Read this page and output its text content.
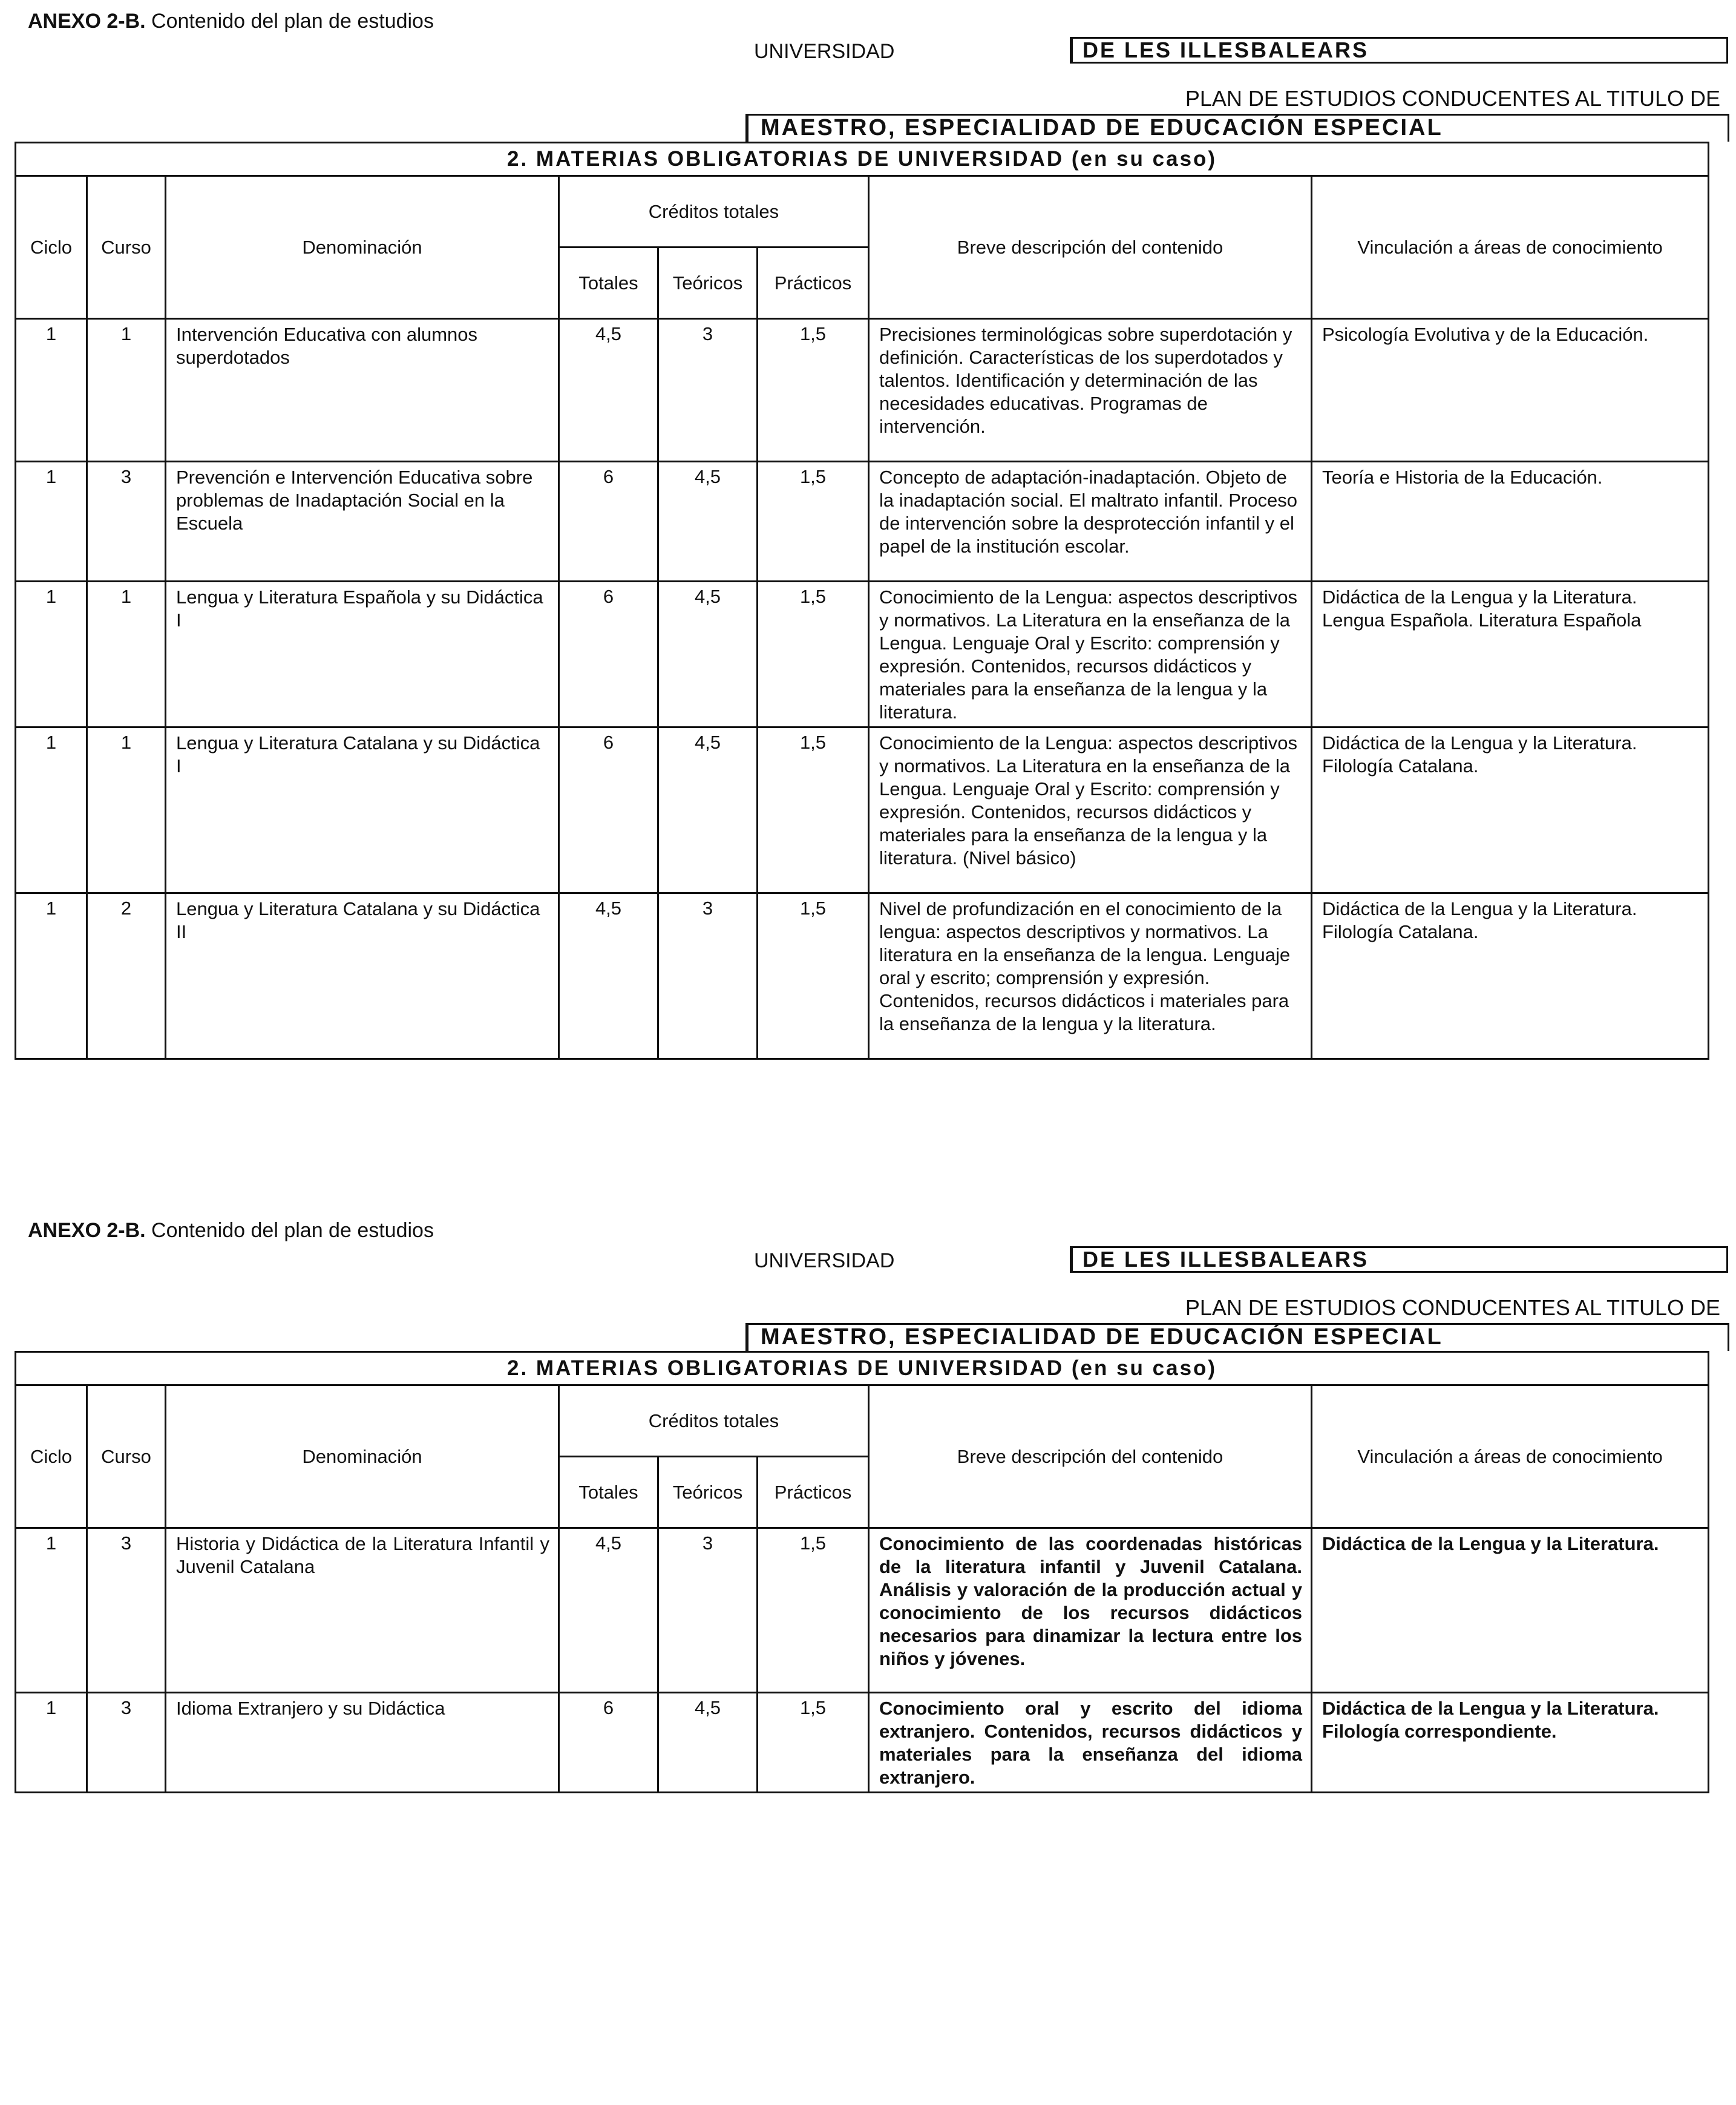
ANEXO 2-B. Contenido del plan de estudios
UNIVERSIDAD	DE LES ILLESBALEARS
PLAN DE ESTUDIOS CONDUCENTES AL TITULO DE
MAESTRO, ESPECIALIDAD DE EDUCACIÓN ESPECIAL
2. MATERIAS OBLIGATORIAS DE UNIVERSIDAD (en su caso)							
Ciclo	Curso	Denominación	Créditos totales			Breve descripción del contenido	Vinculación a áreas de conocimiento
			Totales	Teóricos	Prácticos		
1	1	Intervención Educativa con alumnos superdotados	4,5	3	1,5	Precisiones terminológicas sobre superdotación y definición. Características de los superdotados y talentos. Identificación y determinación de las necesidades educativas. Programas de intervención.	Psicología Evolutiva y de la Educación.
1	3	Prevención e Intervención Educativa sobre problemas de Inadaptación Social en la Escuela	6	4,5	1,5	Concepto de adaptación-inadaptación. Objeto de la inadaptación social. El maltrato infantil. Proceso de intervención sobre la desprotección infantil y el papel de la institución escolar.	Teoría e Historia de la Educación.
1	1	Lengua y Literatura Española y su Didáctica I	6	4,5	1,5	Conocimiento de la Lengua: aspectos descriptivos y normativos. La Literatura en la enseñanza de la Lengua. Lenguaje Oral y Escrito: comprensión y expresión. Contenidos, recursos didácticos y materiales para la enseñanza de la lengua y la literatura.	Didáctica de la Lengua y la Literatura. Lengua Española. Literatura Española
1	1	Lengua y Literatura Catalana y su Didáctica I	6	4,5	1,5	Conocimiento de la Lengua: aspectos descriptivos y normativos. La Literatura en la enseñanza de la Lengua. Lenguaje Oral y Escrito: comprensión y expresión. Contenidos, recursos didácticos y materiales para la enseñanza de la lengua y la literatura. (Nivel básico)	Didáctica de la Lengua y la Literatura. Filología Catalana.
1	2	Lengua y Literatura Catalana y su Didáctica II	4,5	3	1,5	Nivel de profundización en el conocimiento de la lengua: aspectos descriptivos y normativos. La literatura en la enseñanza de la lengua. Lenguaje oral y escrito; comprensión y expresión. Contenidos, recursos didácticos i materiales para la enseñanza de la lengua y la literatura.	Didáctica de la Lengua y la Literatura. Filología Catalana.
ANEXO 2-B. Contenido del plan de estudios
UNIVERSIDAD	DE LES ILLESBALEARS
PLAN DE ESTUDIOS CONDUCENTES AL TITULO DE
MAESTRO, ESPECIALIDAD DE EDUCACIÓN ESPECIAL
2. MATERIAS OBLIGATORIAS DE UNIVERSIDAD (en su caso)							
Ciclo	Curso	Denominación	Créditos totales			Breve descripción del contenido	Vinculación a áreas de conocimiento
			Totales	Teóricos	Prácticos		
1	3	Historia y Didáctica de la Literatura Infantil y Juvenil Catalana	4,5	3	1,5	Conocimiento de las coordenadas históricas de la literatura infantil y Juvenil Catalana. Análisis y valoración de la producción actual y conocimiento de los recursos didácticos necesarios para dinamizar la lectura entre los niños y jóvenes.	Didáctica de la Lengua y la Literatura.
1	3	Idioma Extranjero y su Didáctica	6	4,5	1,5	Conocimiento oral y escrito del idioma extranjero. Contenidos, recursos didácticos y materiales para la enseñanza del idioma extranjero.	Didáctica de la Lengua y la Literatura. Filología correspondiente.
